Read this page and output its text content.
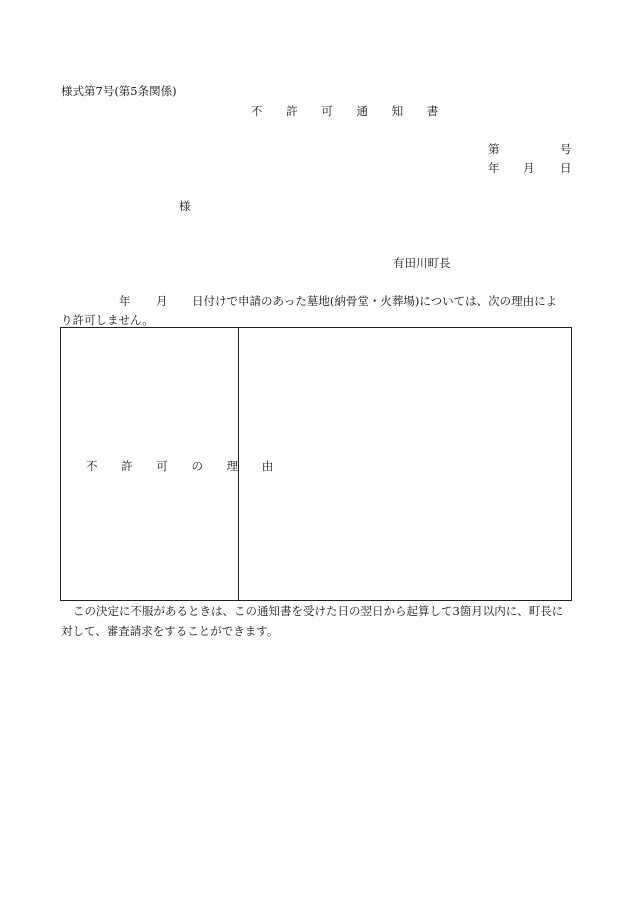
様式第7号(第5条関係)
不 許 可 通 知 書
第	号
年 月 日
様
有田川町長
年 月 日付けで申請のあった墓地(納骨堂・火葬場)については、次の理由によ
り許可しません。
不 許 可 の 理 由
この決定に不服があるときは、この通知書を受けた日の翌日から起算して3箇月以内に、町長に
対して、審査請求をすることができます。
